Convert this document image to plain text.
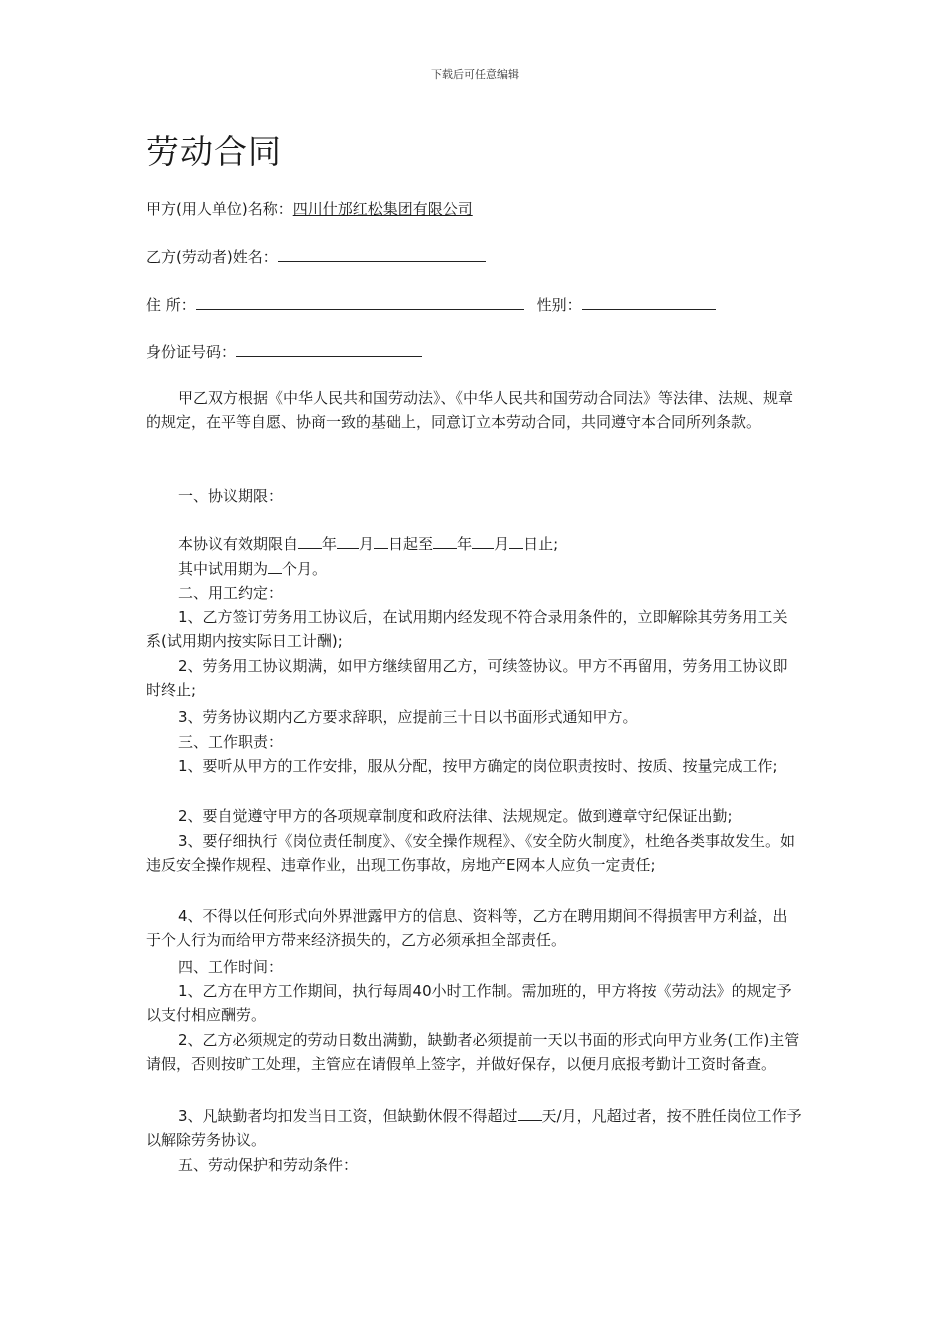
下载后可任意编辑
劳动合同
甲方(用人单位)名称：四川什邡红松集团有限公司
乙方(劳动者)姓名：
住 所：	性别：
身份证号码：
甲乙双方根据《中华人民共和国劳动法》、《中华人民共和国劳动合同法》等法律、法规、规章的规定，在平等自愿、协商一致的基础上，同意订立本劳动合同，共同遵守本合同所列条款。
一、协议期限：
本协议有效期限自 年 月 日起至 年 月 日止;
其中试用期为 个月。
二、用工约定：
1、乙方签订劳务用工协议后，在试用期内经发现不符合录用条件的，立即解除其劳务用工关系(试用期内按实际日工计酬);
2、劳务用工协议期满，如甲方继续留用乙方，可续签协议。甲方不再留用，劳务用工协议即时终止;
3、劳务协议期内乙方要求辞职，应提前三十日以书面形式通知甲方。
三、工作职责：
1、要听从甲方的工作安排，服从分配，按甲方确定的岗位职责按时、按质、按量完成工作;
2、要自觉遵守甲方的各项规章制度和政府法律、法规规定。做到遵章守纪保证出勤;
3、要仔细执行《岗位责任制度》、《安全操作规程》、《安全防火制度》，杜绝各类事故发生。如违反安全操作规程、违章作业，出现工伤事故，房地产E网本人应负一定责任;
4、不得以任何形式向外界泄露甲方的信息、资料等，乙方在聘用期间不得损害甲方利益，出于个人行为而给甲方带来经济损失的，乙方必须承担全部责任。
四、工作时间：
1、乙方在甲方工作期间，执行每周40小时工作制。需加班的，甲方将按《劳动法》的规定予以支付相应酬劳。
2、乙方必须规定的劳动日数出满勤，缺勤者必须提前一天以书面的形式向甲方业务(工作)主管请假，否则按旷工处理，主管应在请假单上签字，并做好保存，以便月底报考勤计工资时备查。
3、凡缺勤者均扣发当日工资，但缺勤休假不得超过 天/月，凡超过者，按不胜任岗位工作予以解除劳务协议。
五、劳动保护和劳动条件：
